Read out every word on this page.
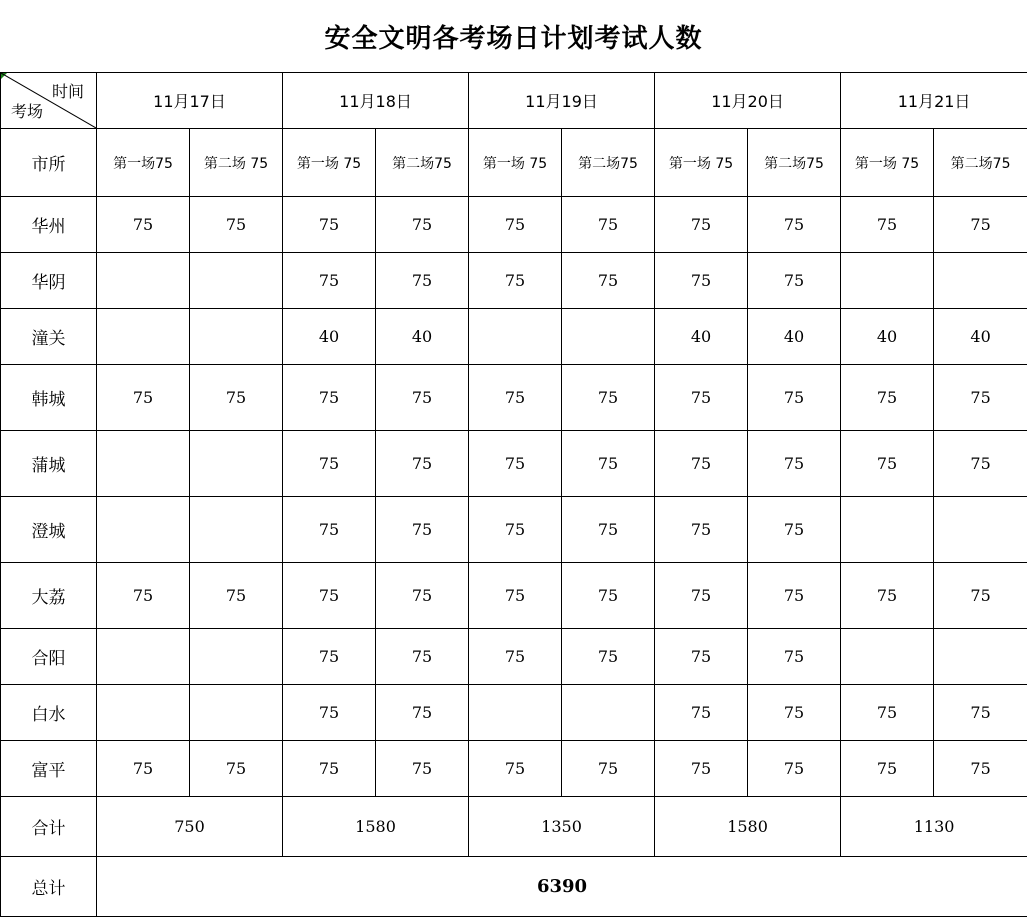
安全文明各考场日计划考试人数
时间
考场	11月17日		11月18日		11月19日		11月20日		11月21日	
市所	第一场75	第二场 75	第一场 75	第二场75	第一场 75	第二场75	第一场 75	第二场75	第一场 75	第二场75
华州	75	75	75	75	75	75	75	75	75	75
华阴			75	75	75	75	75	75		
潼关			40	40			40	40	40	40
韩城	75	75	75	75	75	75	75	75	75	75
蒲城			75	75	75	75	75	75	75	75
澄城			75	75	75	75	75	75		
大荔	75	75	75	75	75	75	75	75	75	75
合阳			75	75	75	75	75	75		
白水			75	75			75	75	75	75
富平	75	75	75	75	75	75	75	75	75	75
合计	750		1580		1350		1580		1130	
总计	6390									
